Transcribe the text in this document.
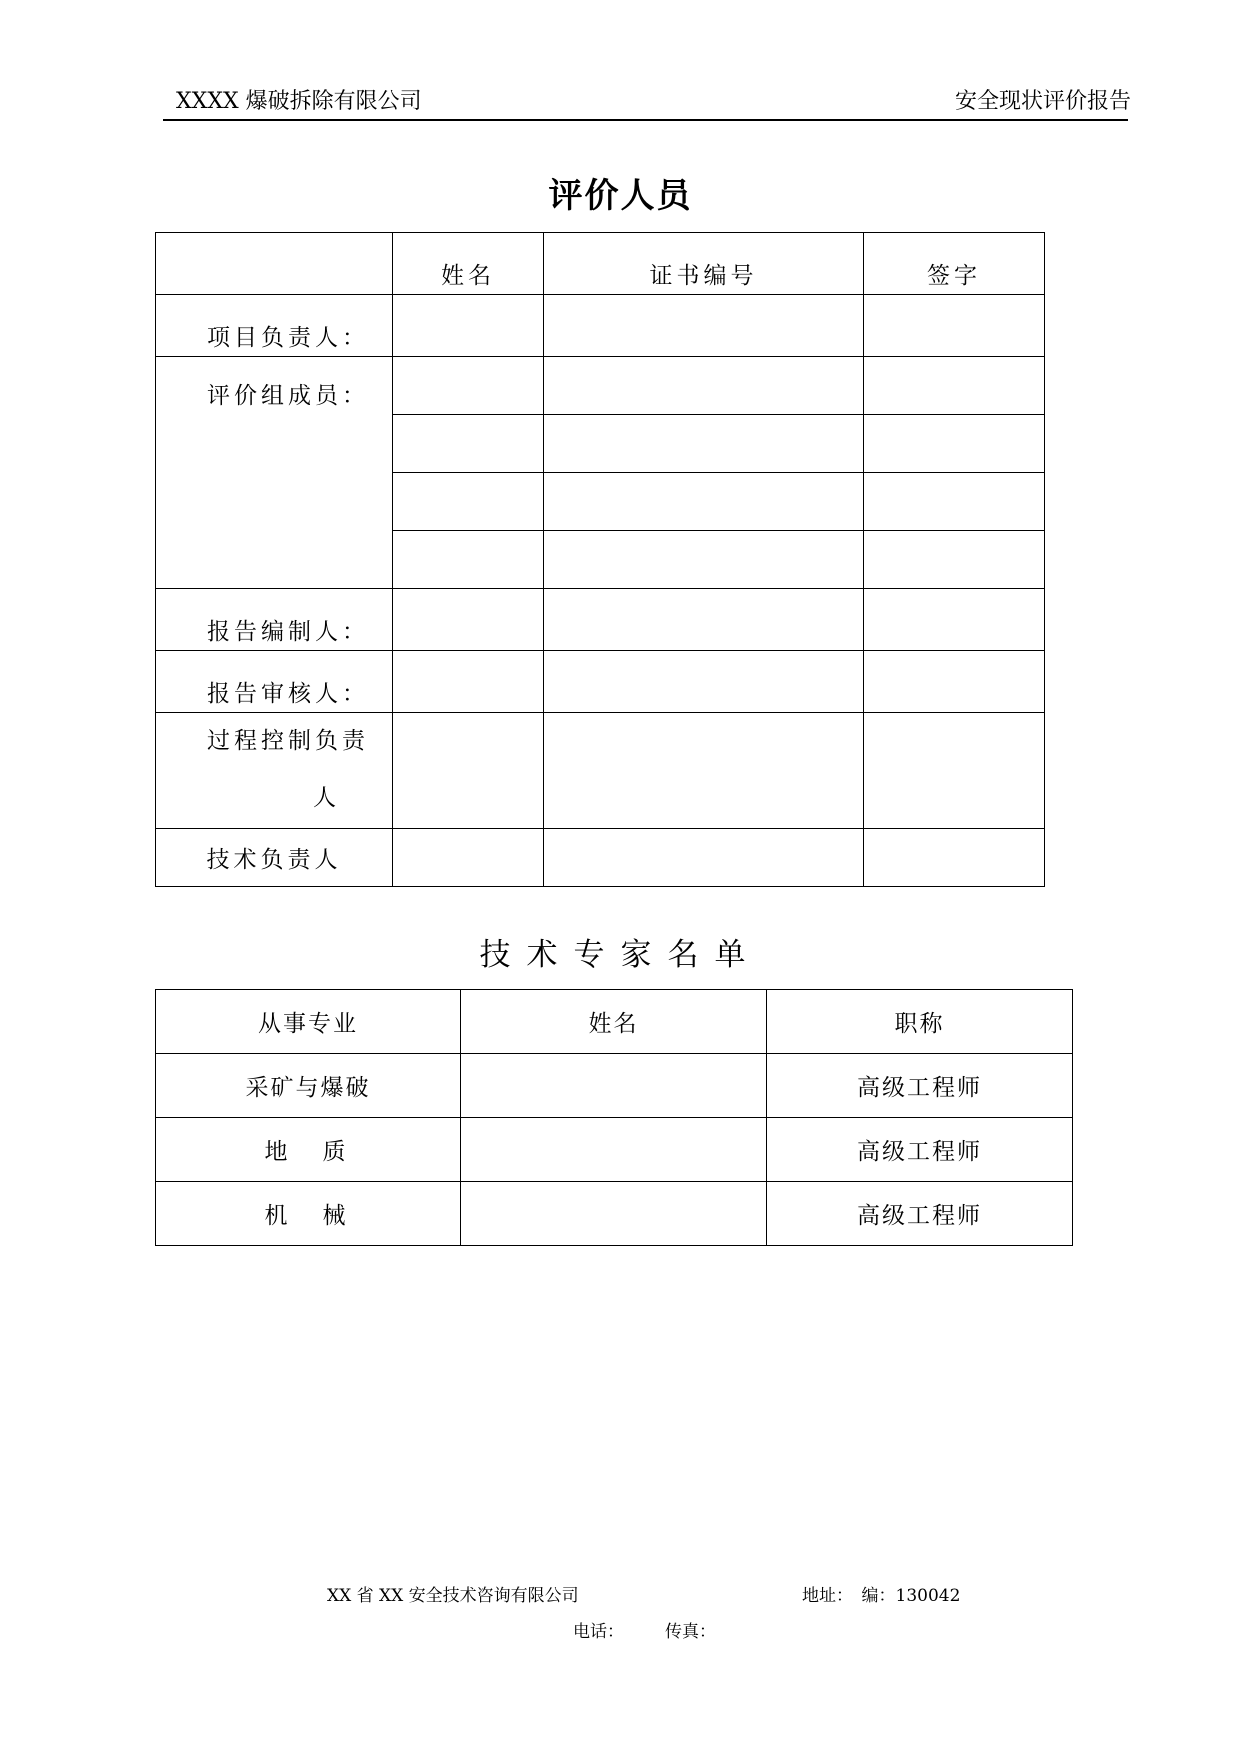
XXXX 爆破拆除有限公司	安全现状评价报告
评价人员
	姓名	证书编号	签字
项目负责人：			
评价组成员：			

报告编制人：			
报告审核人：			

过程控制负责
人			

技术负责人			
技术专家名单
从事专业	姓名	职称
采矿与爆破		高级工程师
地　质		高级工程师
机　械		高级工程师
XX 省 XX 安全技术咨询有限公司	地址：　编：130042
电话： 传真：
